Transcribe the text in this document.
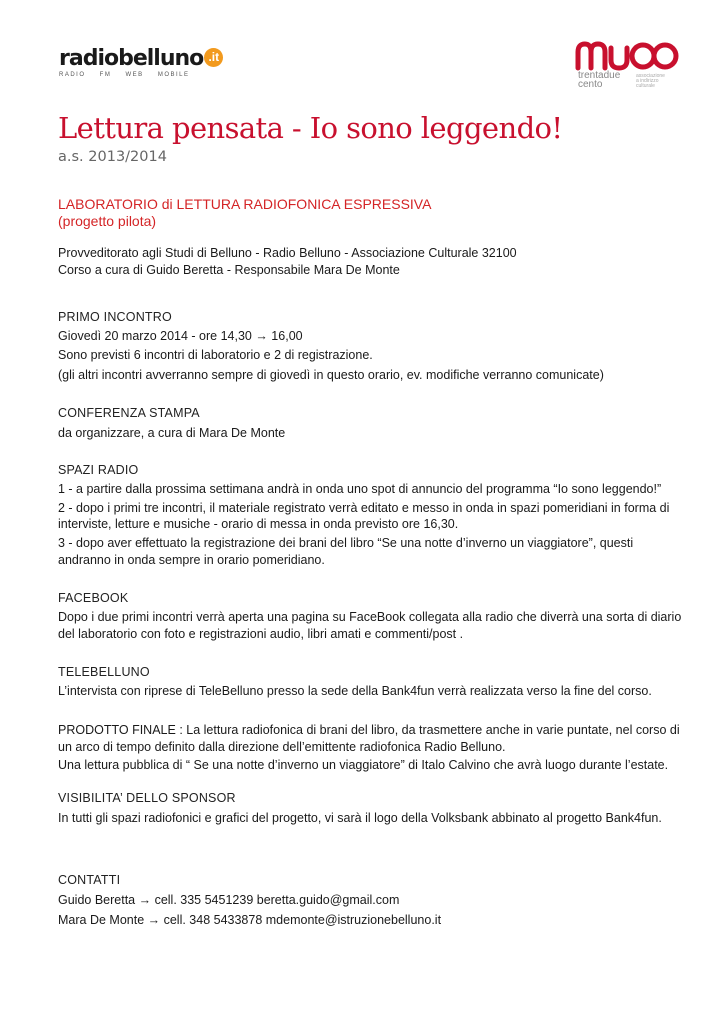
radiobelluno .it
RADIO FM WEB MOBILE	trentadue
cento
associazione
a indirizzo
culturale
Lettura pensata - Io sono leggendo!
a.s. 2013/2014
LABORATORIO di LETTURA RADIOFONICA ESPRESSIVA
(progetto pilota)
Provveditorato agli Studi di Belluno - Radio Belluno - Associazione Culturale 32100
Corso a cura di Guido Beretta - Responsabile Mara De Monte
PRIMO INCONTRO
Giovedì 20 marzo 2014 - ore 14,30 → 16,00
Sono previsti 6 incontri di laboratorio e 2 di registrazione.
(gli altri incontri avverranno sempre di giovedì in questo orario, ev. modifiche verranno comunicate)
CONFERENZA STAMPA
da organizzare, a cura di Mara De Monte
SPAZI RADIO
1 - a partire dalla prossima settimana andrà in onda uno spot di annuncio del programma “Io sono leggendo!”
2 - dopo i primi tre incontri, il materiale registrato verrà editato e messo in onda in spazi pomeridiani in forma di
interviste, letture e musiche - orario di messa in onda previsto ore 16,30.
3 - dopo aver effettuato la registrazione dei brani del libro “Se una notte d’inverno un viaggiatore”, questi
andranno in onda sempre in orario pomeridiano.
FACEBOOK
Dopo i due primi incontri verrà aperta una pagina su FaceBook collegata alla radio che diverrà una sorta di diario
del laboratorio con foto e registrazioni audio, libri amati e commenti/post .
TELEBELLUNO
L’intervista con riprese di TeleBelluno presso la sede della Bank4fun verrà realizzata verso la fine del corso.
PRODOTTO FINALE : La lettura radiofonica di brani del libro, da trasmettere anche in varie puntate, nel corso di
un arco di tempo definito dalla direzione dell’emittente radiofonica Radio Belluno.
Una lettura pubblica di “ Se una notte d’inverno un viaggiatore” di Italo Calvino che avrà luogo durante l’estate.
VISIBILITA’ DELLO SPONSOR
In tutti gli spazi radiofonici e grafici del progetto, vi sarà il logo della Volksbank abbinato al progetto Bank4fun.
CONTATTI
Guido Beretta → cell. 335 5451239 beretta.guido@gmail.com
Mara De Monte → cell. 348 5433878 mdemonte@istruzionebelluno.it
